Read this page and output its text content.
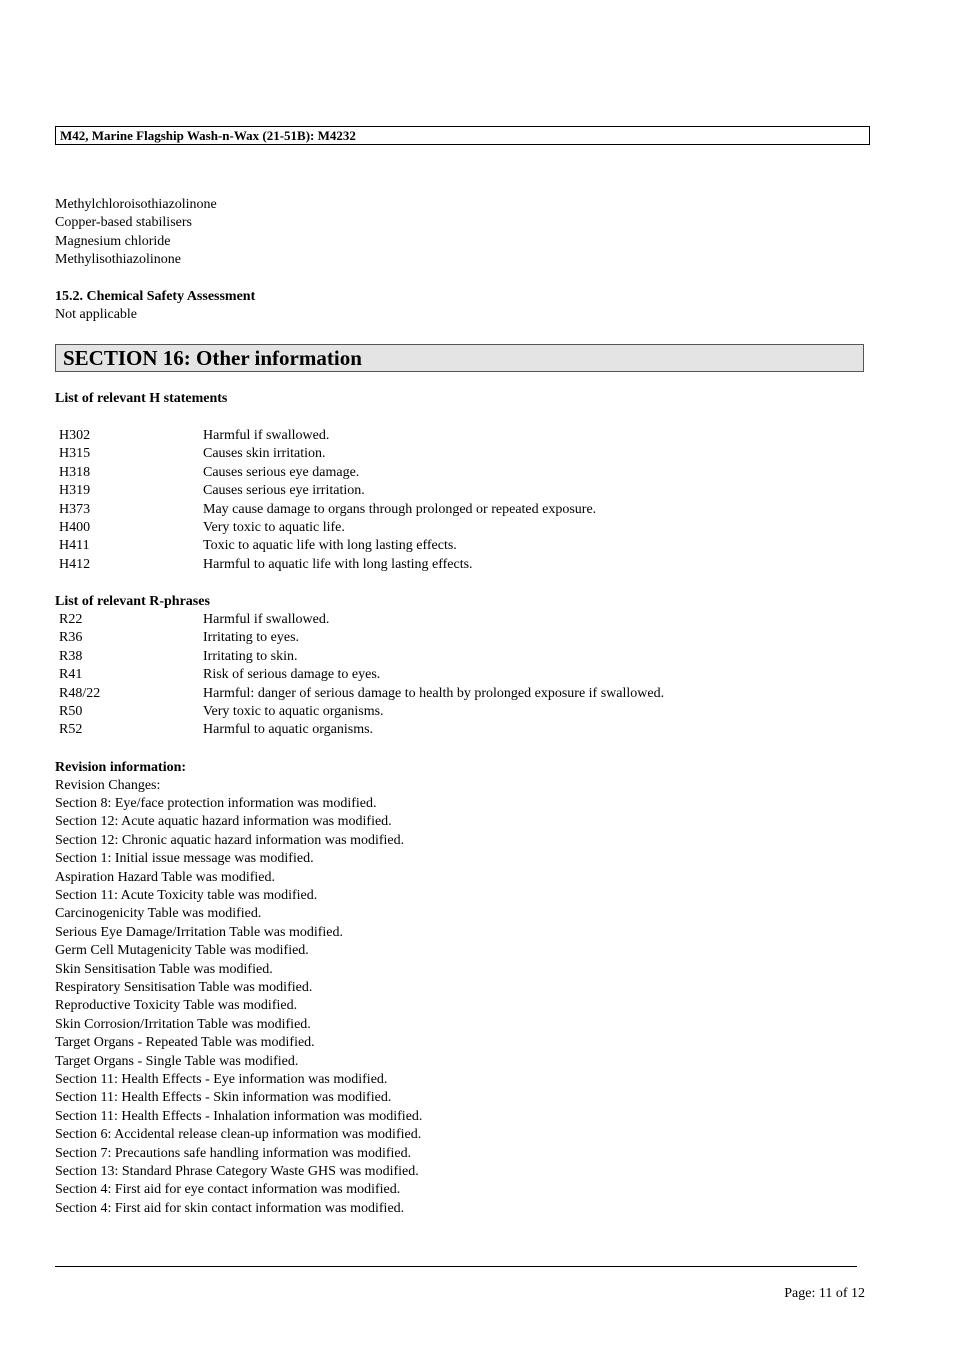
M42, Marine Flagship Wash-n-Wax (21-51B): M4232
Methylchloroisothiazolinone
Copper-based stabilisers
Magnesium chloride
Methylisothiazolinone
15.2. Chemical Safety Assessment
Not applicable
SECTION 16: Other information
List of relevant H statements
H302	Harmful if swallowed.
H315	Causes skin irritation.
H318	Causes serious eye damage.
H319	Causes serious eye irritation.
H373	May cause damage to organs through prolonged or repeated exposure.
H400	Very toxic to aquatic life.
H411	Toxic to aquatic life with long lasting effects.
H412	Harmful to aquatic life with long lasting effects.
List of relevant R-phrases
R22	Harmful if swallowed.
R36	Irritating to eyes.
R38	Irritating to skin.
R41	Risk of serious damage to eyes.
R48/22	Harmful: danger of serious damage to health by prolonged exposure if swallowed.
R50	Very toxic to aquatic organisms.
R52	Harmful to aquatic organisms.
Revision information:
Revision Changes:
Section 8: Eye/face protection information was modified.
Section 12: Acute aquatic hazard information was modified.
Section 12: Chronic aquatic hazard information was modified.
Section 1: Initial issue message was modified.
Aspiration Hazard Table was modified.
Section 11: Acute Toxicity table was modified.
Carcinogenicity Table was modified.
Serious Eye Damage/Irritation Table was modified.
Germ Cell Mutagenicity Table was modified.
Skin Sensitisation Table was modified.
Respiratory Sensitisation Table was modified.
Reproductive Toxicity Table was modified.
Skin Corrosion/Irritation Table was modified.
Target Organs - Repeated Table was modified.
Target Organs - Single Table was modified.
Section 11: Health Effects - Eye information was modified.
Section 11: Health Effects - Skin information was modified.
Section 11: Health Effects - Inhalation information was modified.
Section 6: Accidental release clean-up information was modified.
Section 7: Precautions safe handling information was modified.
Section 13: Standard Phrase Category Waste GHS was modified.
Section 4: First aid for eye contact information was modified.
Section 4: First aid for skin contact information was modified.
Page: 11 of 12
